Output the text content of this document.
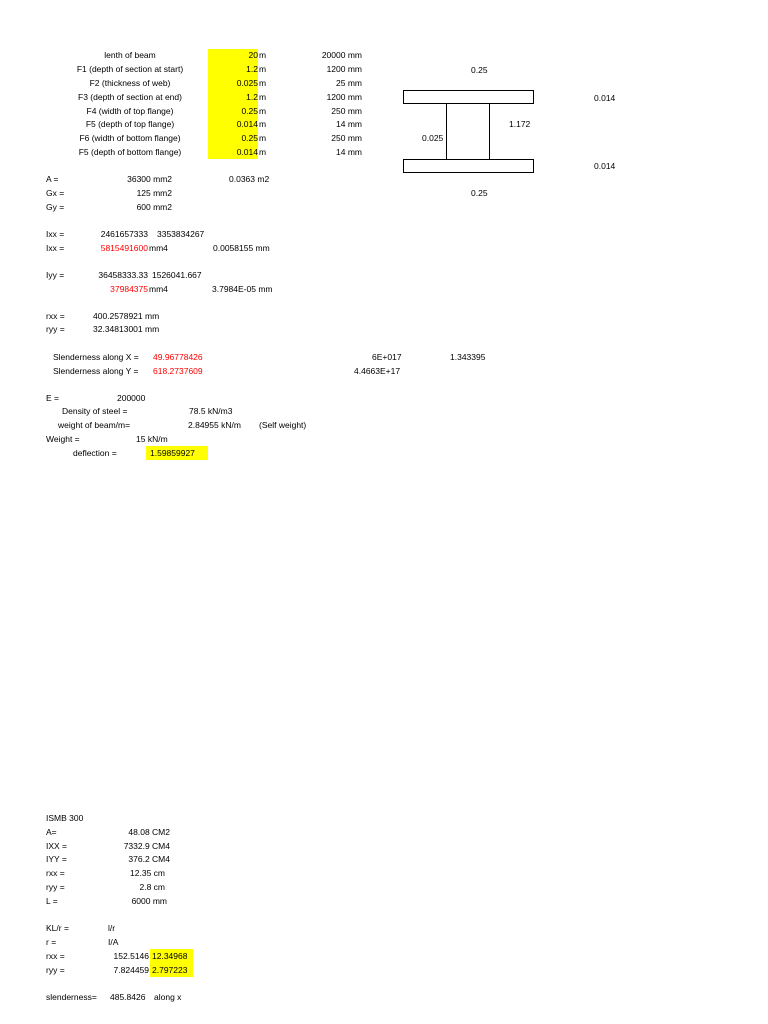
lenth of beam	20 m	20000 mm
F1 (depth of section at start)	1.2 m	1200 mm
F2 (thickness of web)	0.025 m	25 mm
F3 (depth of section at end)	1.2 m	1200 mm
F4 (width of top flange)	0.25 m	250 mm
F5 (depth of top flange)	0.014 m	14 mm
F6 (width of bottom flange)	0.25 m	250 mm
F5 (depth of bottom flange)	0.014 m	14 mm
0.25
0.014
1.172
0.025
0.014
0.25
A =	36300 mm2	0.0363 m2
Gx =	125 mm2
Gy =	600 mm2
Ixx =	2461657333 3353834267
Ixx =	5815491600 mm4	0.0058155 mm
Iyy =	36458333.33 1526041.667
37984375 mm4	3.7984E-05 mm
rxx =	400.2578921 mm
ryy =	32.34813001 mm
Slenderness along X = 49.96778426	6E+017	1.343395
Slenderness along Y = 618.2737609	4.4663E+17
E =	200000
Density of steel =	78.5 kN/m3
weight of beam/m=	2.84955 kN/m (Self weight)
Weight =	15 kN/m
deflection =	1.59859927
ISMB 300
A=	48.08 CM2
IXX =	7332.9 CM4
IYY =	376.2 CM4
rxx =	12.35 cm
ryy =	2.8 cm
L =	6000 mm
KL/r =	l/r
r =	I/A
rxx =	152.5146 12.34968
ryy =	7.824459 2.797223
slenderness= 485.8426 along x
